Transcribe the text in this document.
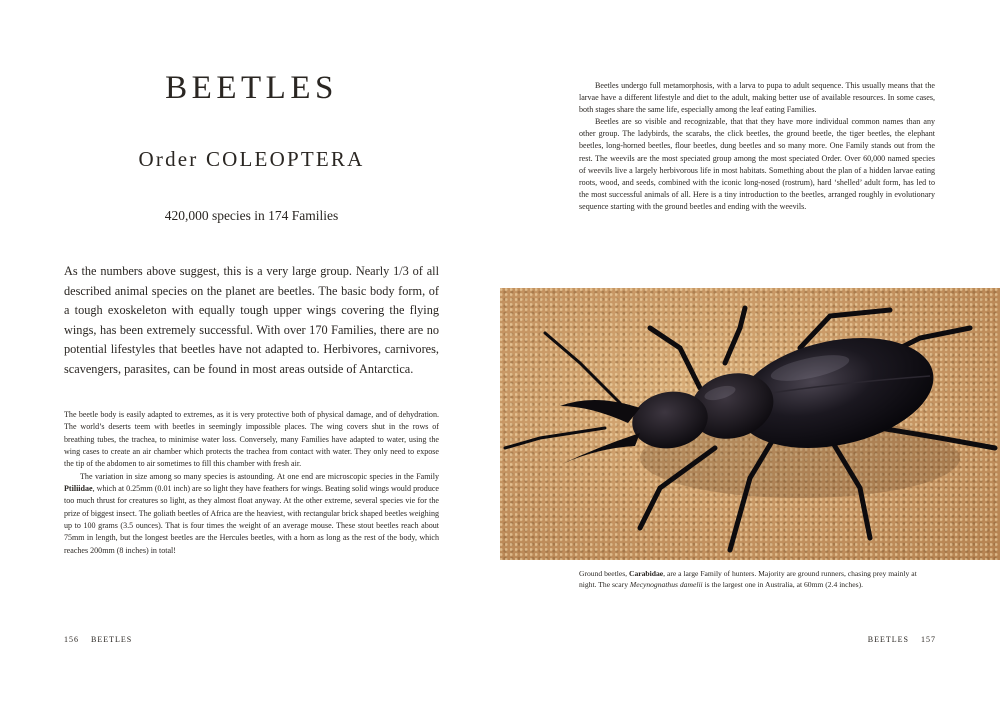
BEETLES
Order COLEOPTERA

420,000 species in 174 Families

As the numbers above suggest, this is a very large group. Nearly 1/3 of all described animal species on the planet are beetles. The basic body form, of a tough exoskeleton with equally tough upper wings covering the flying wings, has been extremely successful. With over 170 Families, there are no potential lifestyles that beetles have not adapted to. Herbivores, carnivores, scavengers, parasites, can be found in most areas outside of Antarctica.

The beetle body is easily adapted to extremes, as it is very protective both of physical damage, and of dehydration. The world’s deserts teem with beetles in seemingly impossible places. The wing covers shut in the rows of breathing tubes, the trachea, to minimise water loss. Conversely, many Families have adapted to water, using the wing cases to create an air chamber which protects the trachea from contact with water. They only need to expose the tip of the abdomen to air sometimes to fill this chamber with fresh air.

The variation in size among so many species is astounding. At one end are microscopic species in the Family Ptiliidae, which at 0.25mm (0.01 inch) are so light they have feathers for wings. Beating solid wings would produce too much thrust for creatures so light, as they almost float anyway. At the other extreme, several species vie for the prize of biggest insect. The goliath beetles of Africa are the heaviest, with rectangular brick shaped beetles weighing up to 100 grams (3.5 ounces). That is four times the weight of an average mouse. These stout beetles reach about 75mm in length, but the longest beetles are the Hercules beetles, with a horn as long as the rest of the body, which reaches 200mm (8 inches) in total!

156 BEETLES

Beetles undergo full metamorphosis, with a larva to pupa to adult sequence. This usually means that the larvae have a different lifestyle and diet to the adult, making better use of available resources. In some cases, both stages share the same life, especially among the leaf eating Families.

Beetles are so visible and recognizable, that that they have more individual common names than any other group. The ladybirds, the scarabs, the click beetles, the ground beetle, the tiger beetles, the elephant beetles, long-horned beetles, flour beetles, dung beetles and so many more. One Family stands out from the rest. The weevils are the most speciated group among the most speciated Order. Over 60,000 named species of weevils live a largely herbivorous life in most habitats. Something about the plan of a hidden larvae eating roots, wood, and seeds, combined with the iconic long-nosed (rostrum), hard ‘shelled’ adult form, has led to the most successful animals of all. Here is a tiny introduction to the beetles, arranged roughly in evolutionary sequence starting with the ground beetles and ending with the weevils.

Ground beetles, Carabidae, are a large Family of hunters. Majority are ground runners, chasing prey mainly at night. The scary Mecynognathus damelii is the largest one in Australia, at 60mm (2.4 inches).

BEETLES 157
